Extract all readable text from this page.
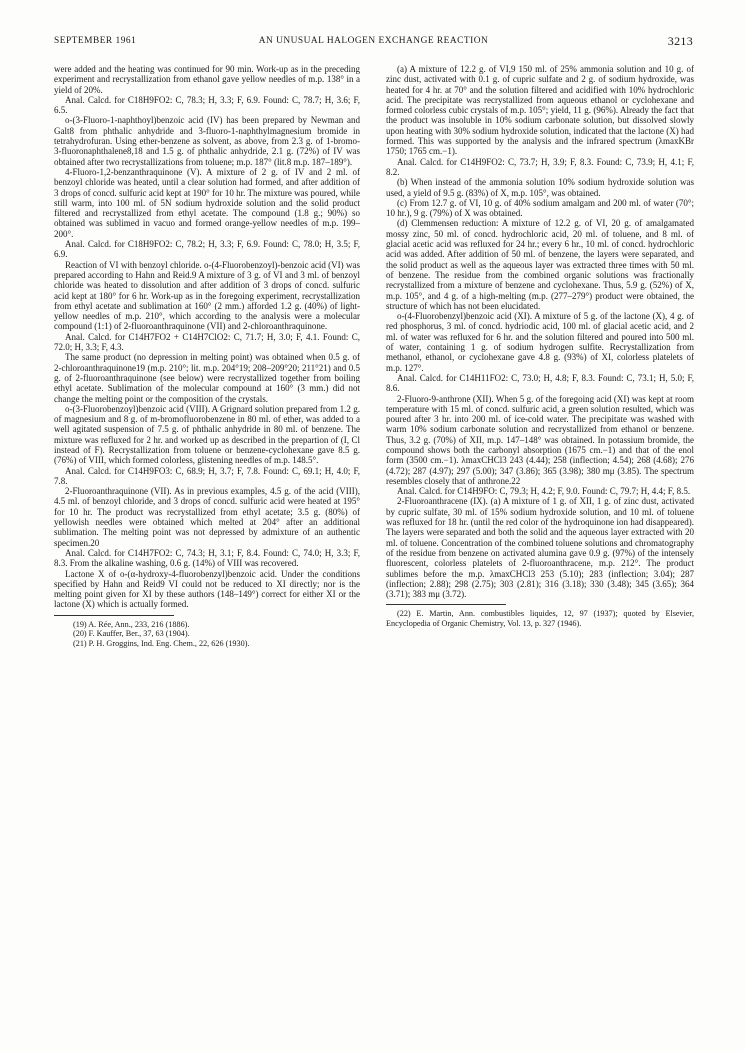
SEPTEMBER 1961	AN UNUSUAL HALOGEN EXCHANGE REACTION	3213

were added and the heating was continued for 90 min. Work-up as in the preceding experiment and recrystallization from ethanol gave yellow needles of m.p. 138° in a yield of 20%.

Anal. Calcd. for C18H9FO2: C, 78.3; H, 3.3; F, 6.9. Found: C, 78.7; H, 3.6; F, 6.5.

o-(3-Fluoro-1-naphthoyl)benzoic acid (IV) has been prepared by Newman and Galt8 from phthalic anhydride and 3-fluoro-1-naphthylmagnesium bromide in tetrahydrofuran. Using ether-benzene as solvent, as above, from 2.3 g. of 1-bromo-3-fluoronaphthalene8,18 and 1.5 g. of phthalic anhydride, 2.1 g. (72%) of IV was obtained after two recrystallizations from toluene; m.p. 187° (lit.8 m.p. 187–189°).

4-Fluoro-1,2-benzanthraquinone (V). A mixture of 2 g. of IV and 2 ml. of benzoyl chloride was heated, until a clear solution had formed, and after addition of 3 drops of concd. sulfuric acid kept at 190° for 10 hr. The mixture was poured, while still warm, into 100 ml. of 5N sodium hydroxide solution and the solid product filtered and recrystallized from ethyl acetate. The compound (1.8 g.; 90%) so obtained was sublimed in vacuo and formed orange-yellow needles of m.p. 199–200°.

Anal. Calcd. for C18H9FO2: C, 78.2; H, 3.3; F, 6.9. Found: C, 78.0; H, 3.5; F, 6.9.

Reaction of VI with benzoyl chloride. o-(4-Fluorobenzoyl)-benzoic acid (VI) was prepared according to Hahn and Reid.9 A mixture of 3 g. of VI and 3 ml. of benzoyl chloride was heated to dissolution and after addition of 3 drops of concd. sulfuric acid kept at 180° for 6 hr. Work-up as in the foregoing experiment, recrystallization from ethyl acetate and sublimation at 160° (2 mm.) afforded 1.2 g. (40%) of light-yellow needles of m.p. 210°, which according to the analysis were a molecular compound (1:1) of 2-fluoroanthraquinone (VII) and 2-chloroanthraquinone.

Anal. Calcd. for C14H7FO2 + C14H7ClO2: C, 71.7; H, 3.0; F, 4.1. Found: C, 72.0; H, 3.3; F, 4.3.

The same product (no depression in melting point) was obtained when 0.5 g. of 2-chloroanthraquinone19 (m.p. 210°; lit. m.p. 204°19; 208–209°20; 211°21) and 0.5 g. of 2-fluoroanthraquinone (see below) were recrystallized together from boiling ethyl acetate. Sublimation of the molecular compound at 160° (3 mm.) did not change the melting point or the composition of the crystals.

o-(3-Fluorobenzoyl)benzoic acid (VIII). A Grignard solution prepared from 1.2 g. of magnesium and 8 g. of m-bromofluorobenzene in 80 ml. of ether, was added to a well agitated suspension of 7.5 g. of phthalic anhydride in 80 ml. of benzene. The mixture was refluxed for 2 hr. and worked up as described in the prepartion of (I, Cl instead of F). Recrystallization from toluene or benzene-cyclohexane gave 8.5 g. (76%) of VIII, which formed colorless, glistening needles of m.p. 148.5°.

Anal. Calcd. for C14H9FO3: C, 68.9; H, 3.7; F, 7.8. Found: C, 69.1; H, 4.0; F, 7.8.

2-Fluoroanthraquinone (VII). As in previous examples, 4.5 g. of the acid (VIII), 4.5 ml. of benzoyl chloride, and 3 drops of concd. sulfuric acid were heated at 195° for 10 hr. The product was recrystallized from ethyl acetate; 3.5 g. (80%) of yellowish needles were obtained which melted at 204° after an additional sublimation. The melting point was not depressed by admixture of an authentic specimen.20

Anal. Calcd. for C14H7FO2: C, 74.3; H, 3.1; F, 8.4. Found: C, 74.0; H, 3.3; F, 8.3. From the alkaline washing, 0.6 g. (14%) of VIII was recovered.

Lactone X of o-(α-hydroxy-4-fluorobenzyl)benzoic acid. Under the conditions specified by Hahn and Reid9 VI could not be reduced to XI directly; nor is the melting point given for XI by these authors (148–149°) correct for either XI or the lactone (X) which is actually formed.

(19) A. Rée, Ann., 233, 216 (1886).

(20) F. Kauffer, Ber., 37, 63 (1904).

(21) P. H. Groggins, Ind. Eng. Chem., 22, 626 (1930).

(a) A mixture of 12.2 g. of VI,9 150 ml. of 25% ammonia solution and 10 g. of zinc dust, activated with 0.1 g. of cupric sulfate and 2 g. of sodium hydroxide, was heated for 4 hr. at 70° and the solution filtered and acidified with 10% hydrochloric acid. The precipitate was recrystallized from aqueous ethanol or cyclohexane and formed colorless cubic crystals of m.p. 105°; yield, 11 g. (96%). Already the fact that the product was insoluble in 10% sodium carbonate solution, but dissolved slowly upon heating with 30% sodium hydroxide solution, indicated that the lactone (X) had formed. This was supported by the analysis and the infrared spectrum (λmaxKBr 1750; 1765 cm.−1).

Anal. Calcd. for C14H9FO2: C, 73.7; H, 3.9; F, 8.3. Found: C, 73.9; H, 4.1; F, 8.2.

(b) When instead of the ammonia solution 10% sodium hydroxide solution was used, a yield of 9.5 g. (83%) of X, m.p. 105°, was obtained.

(c) From 12.7 g. of VI, 10 g. of 40% sodium amalgam and 200 ml. of water (70°; 10 hr.), 9 g. (79%) of X was obtained.

(d) Clemmensen reduction: A mixture of 12.2 g. of VI, 20 g. of amalgamated mossy zinc, 50 ml. of concd. hydrochloric acid, 20 ml. of toluene, and 8 ml. of glacial acetic acid was refluxed for 24 hr.; every 6 hr., 10 ml. of concd. hydrochloric acid was added. After addition of 50 ml. of benzene, the layers were separated, and the solid product as well as the aqueous layer was extracted three times with 50 ml. of benzene. The residue from the combined organic solutions was fractionally recrystallized from a mixture of benzene and cyclohexane. Thus, 5.9 g. (52%) of X, m.p. 105°, and 4 g. of a high-melting (m.p. (277–279°) product were obtained, the structure of which has not been elucidated.

o-(4-Fluorobenzyl)benzoic acid (XI). A mixture of 5 g. of the lactone (X), 4 g. of red phosphorus, 3 ml. of concd. hydriodic acid, 100 ml. of glacial acetic acid, and 2 ml. of water was refluxed for 6 hr. and the solution filtered and poured into 500 ml. of water, containing 1 g. of sodium hydrogen sulfite. Recrystallization from methanol, ethanol, or cyclohexane gave 4.8 g. (93%) of XI, colorless platelets of m.p. 127°.

Anal. Calcd. for C14H11FO2: C, 73.0; H, 4.8; F, 8.3. Found: C, 73.1; H, 5.0; F, 8.6.

2-Fluoro-9-anthrone (XII). When 5 g. of the foregoing acid (XI) was kept at room temperature with 15 ml. of concd. sulfuric acid, a green solution resulted, which was poured after 3 hr. into 200 ml. of ice-cold water. The precipitate was washed with warm 10% sodium carbonate solution and recrystallized from ethanol or benzene. Thus, 3.2 g. (70%) of XII, m.p. 147–148° was obtained. In potassium bromide, the compound shows both the carbonyl absorption (1675 cm.−1) and that of the enol form (3500 cm.−1). λmaxCHCl3 243 (4.44); 258 (inflection; 4.54); 268 (4.68); 276 (4.72); 287 (4.97); 297 (5.00); 347 (3.86); 365 (3.98); 380 mμ (3.85). The spectrum resembles closely that of anthrone.22

Anal. Calcd. for C14H9FO: C, 79.3; H, 4.2; F, 9.0. Found: C, 79.7; H, 4.4; F, 8.5.

2-Fluoroanthracene (IX). (a) A mixture of 1 g. of XII, 1 g. of zinc dust, activated by cupric sulfate, 30 ml. of 15% sodium hydroxide solution, and 10 ml. of toluene was refluxed for 18 hr. (until the red color of the hydroquinone ion had disappeared). The layers were separated and both the solid and the aqueous layer extracted with 20 ml. of toluene. Concentration of the combined toluene solutions and chromatography of the residue from benzene on activated alumina gave 0.9 g. (97%) of the intensely fluorescent, colorless platelets of 2-fluoroanthracene, m.p. 212°. The product sublimes before the m.p. λmaxCHCl3 253 (5.10); 283 (inflection; 3.04); 287 (inflection; 2.88); 298 (2.75); 303 (2.81); 316 (3.18); 330 (3.48); 345 (3.65); 364 (3.71); 383 mμ (3.72).

(22) E. Martin, Ann. combustibles liquides, 12, 97 (1937); quoted by Elsevier, Encyclopedia of Organic Chemistry, Vol. 13, p. 327 (1946).
